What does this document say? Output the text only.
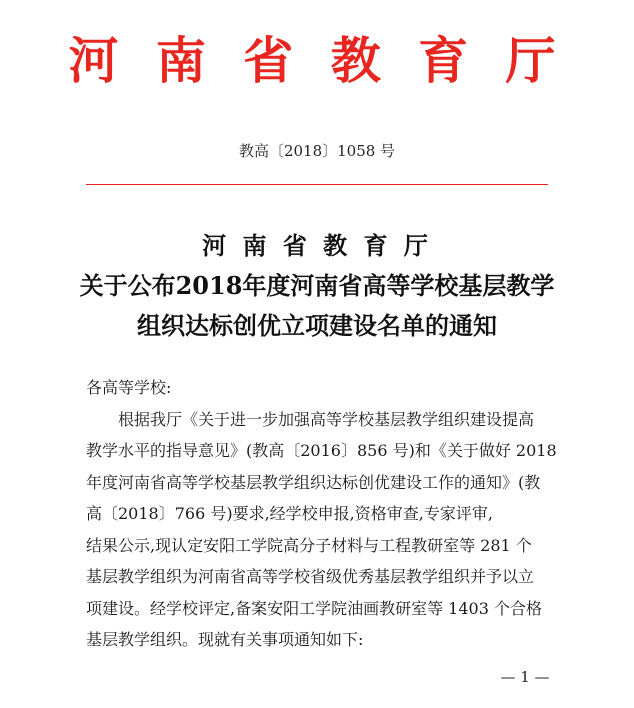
河 南 省 教 育 厅
教高〔2018〕1058 号
河 南 省 教 育 厅
关于公布2018年度河南省高等学校基层教学
组织达标创优立项建设名单的通知
各高等学校:
根据我厅《关于进一步加强高等学校基层教学组织建设提高
教学水平的指导意见》(教高〔2016〕856 号)和《关于做好 2018
年度河南省高等学校基层教学组织达标创优建设工作的通知》(教
高〔2018〕766 号)要求,经学校申报,资格审查,专家评审,
结果公示,现认定安阳工学院高分子材料与工程教研室等 281 个
基层教学组织为河南省高等学校省级优秀基层教学组织并予以立
项建设。经学校评定,备案安阳工学院油画教研室等 1403 个合格
基层教学组织。现就有关事项通知如下:
— 1 —
